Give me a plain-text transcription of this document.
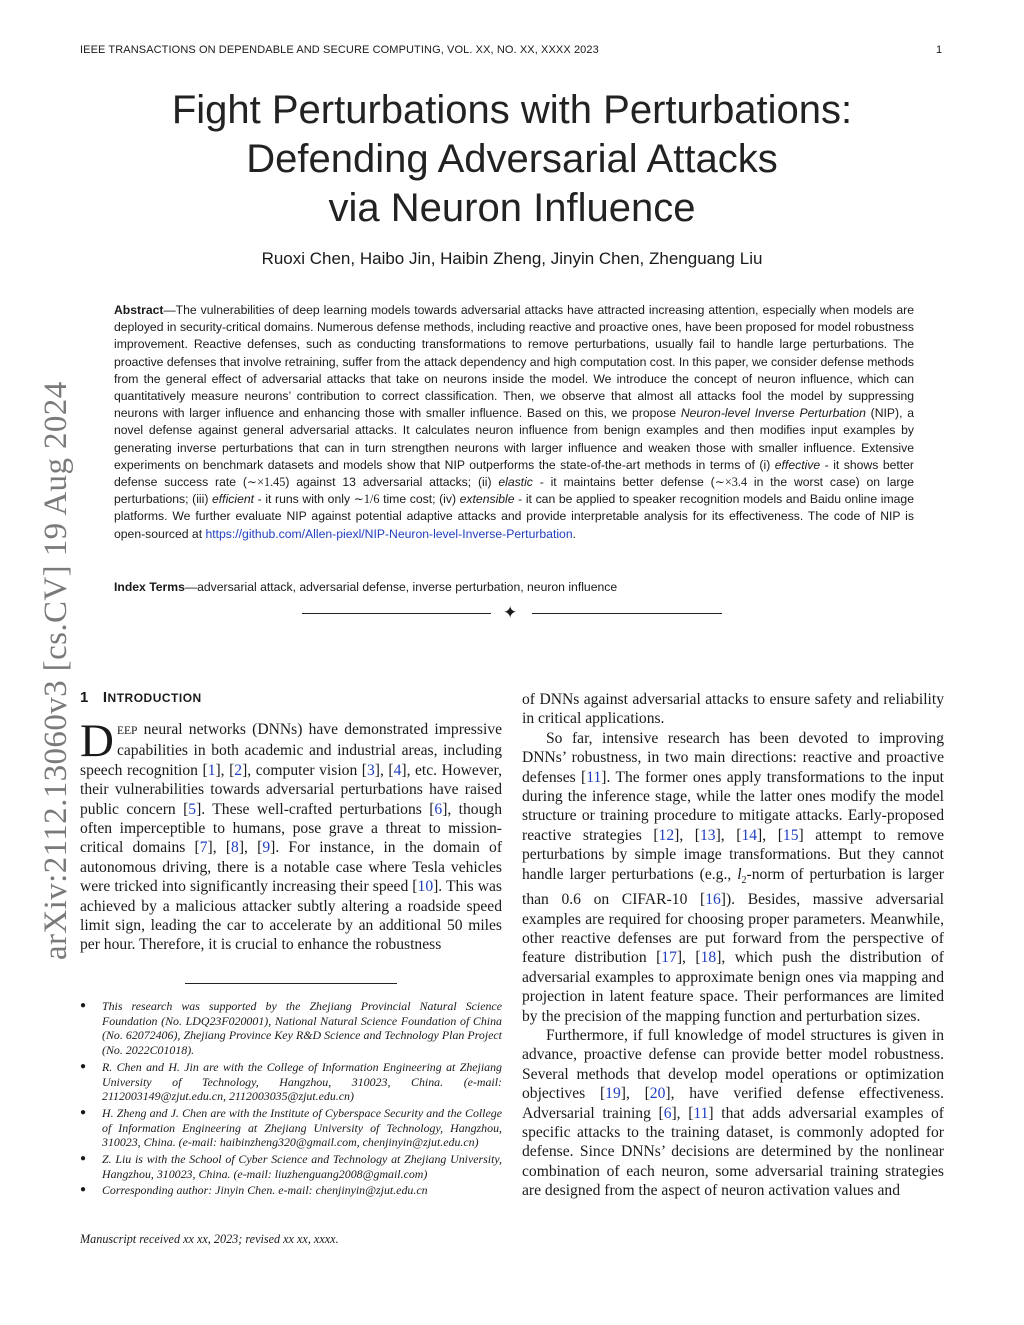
IEEE TRANSACTIONS ON DEPENDABLE AND SECURE COMPUTING, VOL. XX, NO. XX, XXXX 2023	1
Fight Perturbations with Perturbations:
Defending Adversarial Attacks
via Neuron Influence
Ruoxi Chen, Haibo Jin, Haibin Zheng, Jinyin Chen, Zhenguang Liu
Abstract—The vulnerabilities of deep learning models towards adversarial attacks have attracted increasing attention, especially when models are deployed in security-critical domains. Numerous defense methods, including reactive and proactive ones, have been proposed for model robustness improvement. Reactive defenses, such as conducting transformations to remove perturbations, usually fail to handle large perturbations. The proactive defenses that involve retraining, suffer from the attack dependency and high computation cost. In this paper, we consider defense methods from the general effect of adversarial attacks that take on neurons inside the model. We introduce the concept of neuron influence, which can quantitatively measure neurons’ contribution to correct classification. Then, we observe that almost all attacks fool the model by suppressing neurons with larger influence and enhancing those with smaller influence. Based on this, we propose Neuron-level Inverse Perturbation (NIP), a novel defense against general adversarial attacks. It calculates neuron influence from benign examples and then modifies input examples by generating inverse perturbations that can in turn strengthen neurons with larger influence and weaken those with smaller influence. Extensive experiments on benchmark datasets and models show that NIP outperforms the state-of-the-art methods in terms of (i) effective - it shows better defense success rate (∼×1.45) against 13 adversarial attacks; (ii) elastic - it maintains better defense (∼×3.4 in the worst case) on large perturbations; (iii) efficient - it runs with only ∼1/6 time cost; (iv) extensible - it can be applied to speaker recognition models and Baidu online image platforms. We further evaluate NIP against potential adaptive attacks and provide interpretable analysis for its effectiveness. The code of NIP is open-sourced at https://github.com/Allen-piexl/NIP-Neuron-level-Inverse-Perturbation.
Index Terms—adversarial attack, adversarial defense, inverse perturbation, neuron influence
✦
arXiv:2112.13060v3 [cs.CV] 19 Aug 2024 1 INTRODUCTION
DEEP neural networks (DNNs) have demonstrated impressive capabilities in both academic and industrial areas, including speech recognition [1], [2], computer vision [3], [4], etc. However, their vulnerabilities towards adversarial perturbations have raised public concern [5]. These well-crafted perturbations [6], though often imperceptible to humans, pose grave a threat to mission-critical domains [7], [8], [9]. For instance, in the domain of autonomous driving, there is a notable case where Tesla vehicles were tricked into significantly increasing their speed [10]. This was achieved by a malicious attacker subtly altering a roadside speed limit sign, leading the car to accelerate by an additional 50 miles per hour. Therefore, it is crucial to enhance the robustness
● This research was supported by the Zhejiang Provincial Natural Science Foundation (No. LDQ23F020001), National Natural Science Foundation of China (No. 62072406), Zhejiang Province Key R&D Science and Technology Plan Project (No. 2022C01018).
● R. Chen and H. Jin are with the College of Information Engineering at Zhejiang University of Technology, Hangzhou, 310023, China. (e-mail: 2112003149@zjut.edu.cn, 2112003035@zjut.edu.cn)
● H. Zheng and J. Chen are with the Institute of Cyberspace Security and the College of Information Engineering at Zhejiang University of Technology, Hangzhou, 310023, China. (e-mail: haibinzheng320@gmail.com, chenjinyin@zjut.edu.cn)
● Z. Liu is with the School of Cyber Science and Technology at Zhejiang University, Hangzhou, 310023, China. (e-mail: liuzhenguang2008@gmail.com)
● Corresponding author: Jinyin Chen. e-mail: chenjinyin@zjut.edu.cn
Manuscript received xx xx, 2023; revised xx xx, xxxx.

of DNNs against adversarial attacks to ensure safety and reliability in critical applications.

So far, intensive research has been devoted to improving DNNs’ robustness, in two main directions: reactive and proactive defenses [11]. The former ones apply transformations to the input during the inference stage, while the latter ones modify the model structure or training procedure to mitigate attacks. Early-proposed reactive strategies [12], [13], [14], [15] attempt to remove perturbations by simple image transformations. But they cannot handle larger perturbations (e.g., $l_2$-norm of perturbation is larger than 0.6 on CIFAR-10 [16]). Besides, massive adversarial examples are required for choosing proper parameters. Meanwhile, other reactive defenses are put forward from the perspective of feature distribution [17], [18], which push the distribution of adversarial examples to approximate benign ones via mapping and projection in latent feature space. Their performances are limited by the precision of the mapping function and perturbation sizes.

Furthermore, if full knowledge of model structures is given in advance, proactive defense can provide better model robustness. Several methods that develop model operations or optimization objectives [19], [20], have verified defense effectiveness. Adversarial training [6], [11] that adds adversarial examples of specific attacks to the training dataset, is commonly adopted for defense. Since DNNs’ decisions are determined by the nonlinear combination of each neuron, some adversarial training strategies are designed from the aspect of neuron activation values and
